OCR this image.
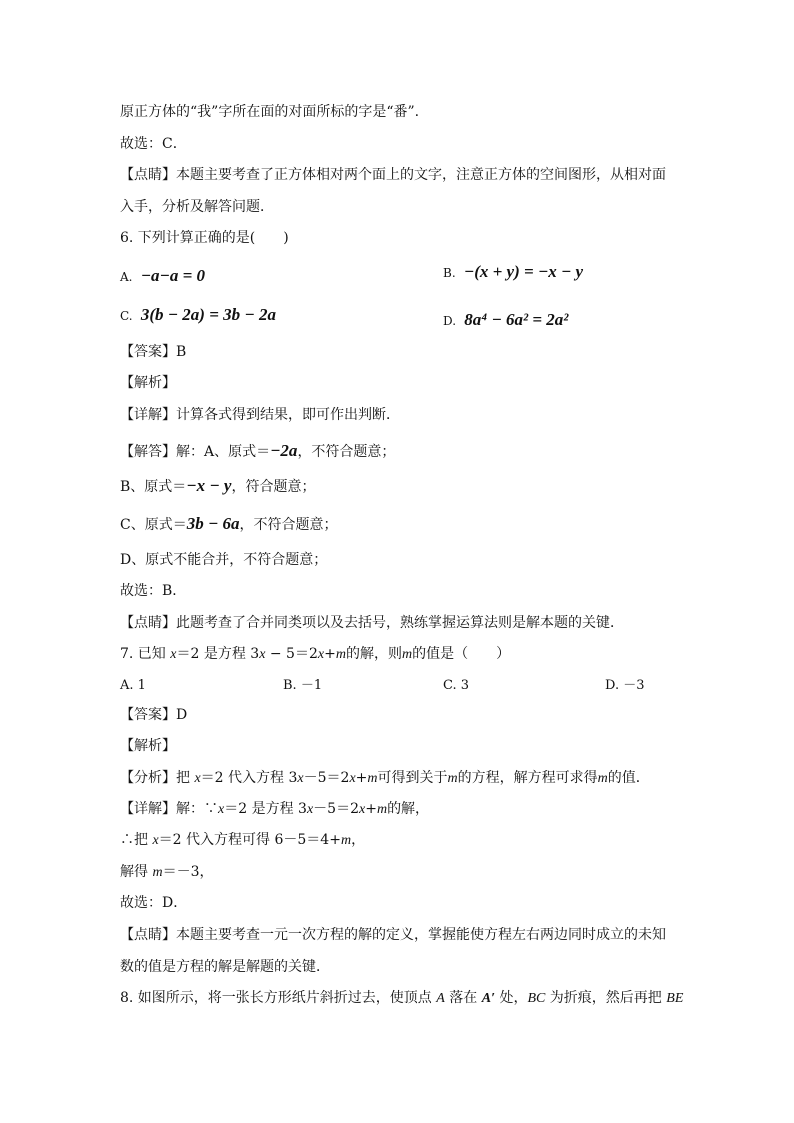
原正方体的“我”字所在面的对面所标的字是“番”.
故选：C．
【点睛】本题主要考查了正方体相对两个面上的文字，注意正方体的空间图形，从相对面
入手，分析及解答问题．
6. 下列计算正确的是(　　)
A. −a−a = 0	B. −(x + y) = −x − y
C. 3(b − 2a) = 3b − 2a	D. 8a⁴ − 6a² = 2a²
【答案】B
【解析】
【详解】计算各式得到结果，即可作出判断．
【解答】解：A、原式＝−2a，不符合题意；
B、原式＝−x − y，符合题意；
C、原式＝3b − 6a，不符合题意；
D、原式不能合并，不符合题意；
故选：B．
【点睛】此题考查了合并同类项以及去括号，熟练掌握运算法则是解本题的关键．
7. 已知 x＝2 是方程 3x − 5＝2x+m的解，则m的值是（　　）
A. 1	B. －1	C. 3	D. －3
【答案】D
【解析】
【分析】把 x＝2 代入方程 3x－5＝2x+m可得到关于m的方程，解方程可求得m的值．
【详解】解：∵x＝2 是方程 3x－5＝2x+m的解，
∴把 x＝2 代入方程可得 6－5＝4+m，
解得 m＝－3，
故选：D．
【点睛】本题主要考查一元一次方程的解的定义，掌握能使方程左右两边同时成立的未知
数的值是方程的解是解题的关键．
8. 如图所示，将一张长方形纸片斜折过去，使顶点 A 落在 A′ 处，BC 为折痕，然后再把 BE
